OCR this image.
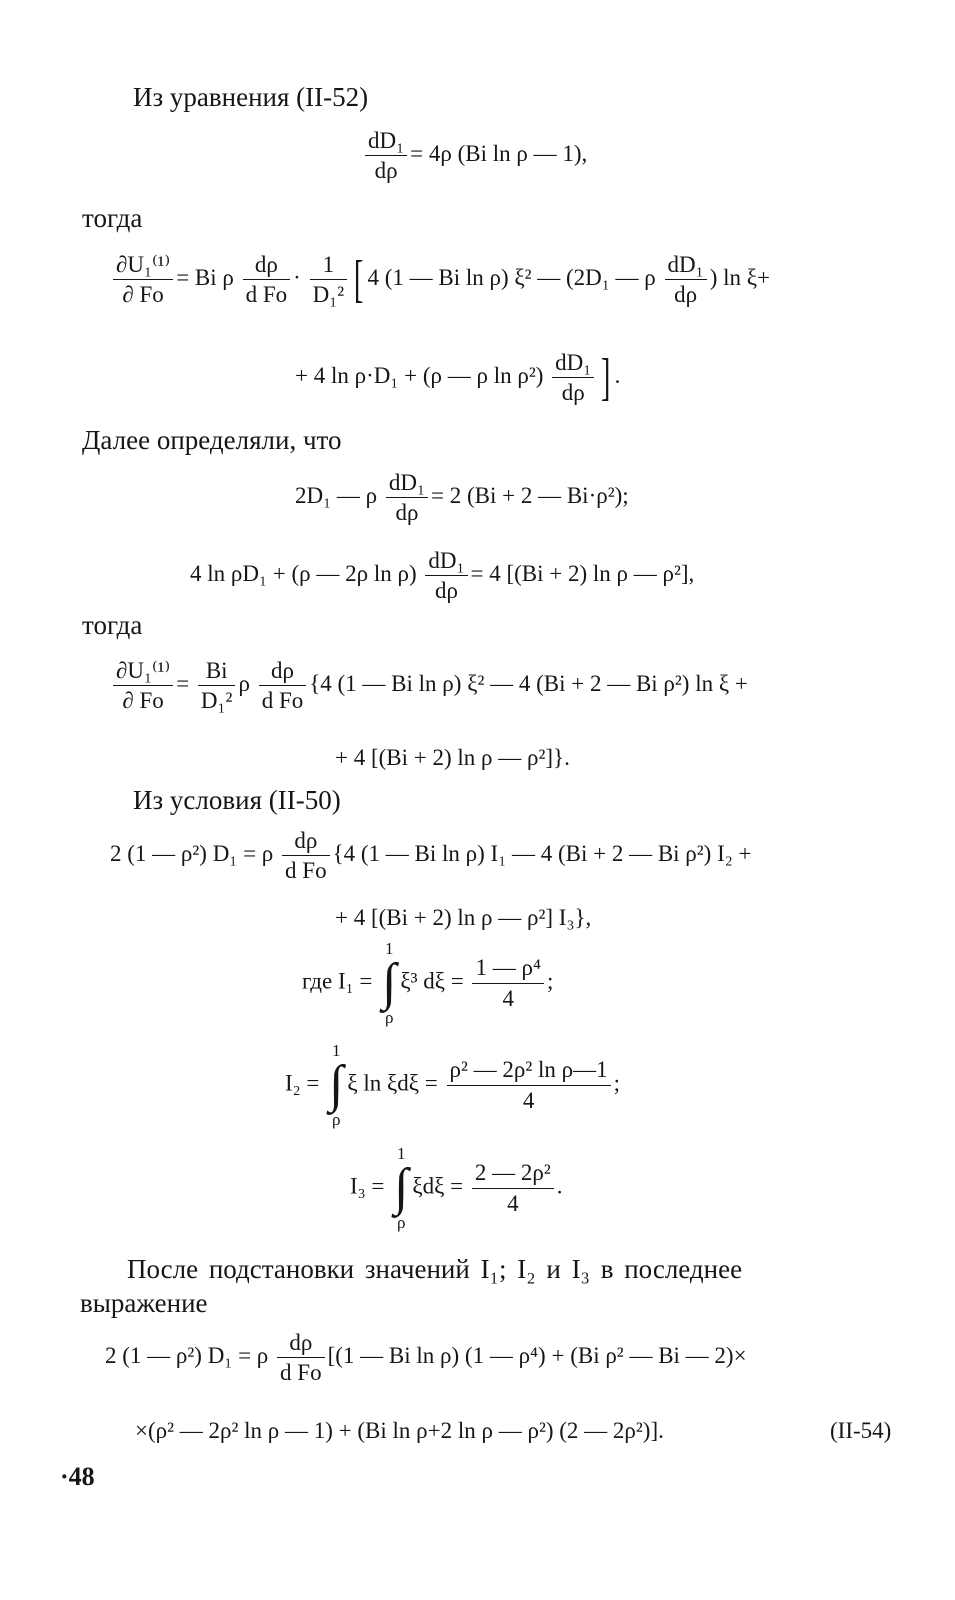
Из уравнения (II-52)
$\frac{\text{dD₁}}{d\rho} = 4\rho$ (Bi ln ρ — 1),
тогда
$\frac{\text{∂U₁⁽¹⁾}}{\partial Fo} = Bi$ ρ $\frac{d\rho}{\text{d Fo}} \cdot \frac{1}{\text{D₁²}}$ [ 4 (1 — Bi ln ρ) ξ² — (2D₁ — ρ $\frac{\text{dD₁}}{d\rho}$ ) ln ξ+
+ 4 ln ρ·D₁ + (ρ — ρ $\ln \rho^2) \frac{\text{dD₁}}{d\rho}$ ] .
Далее определяли, что
2D₁ — ρ $\frac{\text{dD₁}}{d\rho} = 2$ (Bi + 2 — Bi·ρ²);
4 ln ρD₁ + (ρ — 2ρ $\ln \rho) \frac{\text{dD₁}}{d\rho} = 4$ [(Bi + 2) ln ρ — ρ²],
тогда
$\frac{\text{∂U₁⁽¹⁾}}{\partial Fo} = \frac{Bi}{\text{D₁²}}$ ρ $\frac{d\rho}{\text{d Fo}} \{4$ (1 — Bi ln ρ) ξ² — 4 (Bi + 2 — Bi ρ²) ln ξ +
+ 4 [(Bi + 2) ln ρ — ρ²]}.
Из условия (II-50)
2 (1 — ρ²) D₁ = ρ $\frac{d\rho}{\text{d Fo}} \{4$ (1 — Bi ln ρ) I₁ — 4 (Bi + 2 — Bi ρ²) I₂ +
+ 4 [(Bi + 2) ln ρ — ρ²] I₃},
где I₁ =
1
∫
ρ
ξ³ $d\xi = \frac{\text{1 — ρ⁴}}{4}$ ;
I₂ =
1
∫
ρ
ξ $\ln \xi d\xi = \frac{\text{ρ² — 2ρ² ln ρ—1}}{4}$ ;
I₃ =
1
∫
ρ
$\xi d\xi = \frac{\text{2 — 2ρ²}}{4}$ .
После подстановки значений I₁; I₂ и I₃ в последнее
выражение
2 (1 — ρ²) D₁ = ρ $\frac{d\rho}{\text{d Fo}} [(1$ — Bi ln ρ) (1 — ρ⁴) + (Bi ρ² — Bi — 2)×
×(ρ² — 2ρ² ln ρ — 1) + (Bi ln ρ+2 ln ρ — ρ²) (2 — 2ρ²)].	(II-54)
·48
